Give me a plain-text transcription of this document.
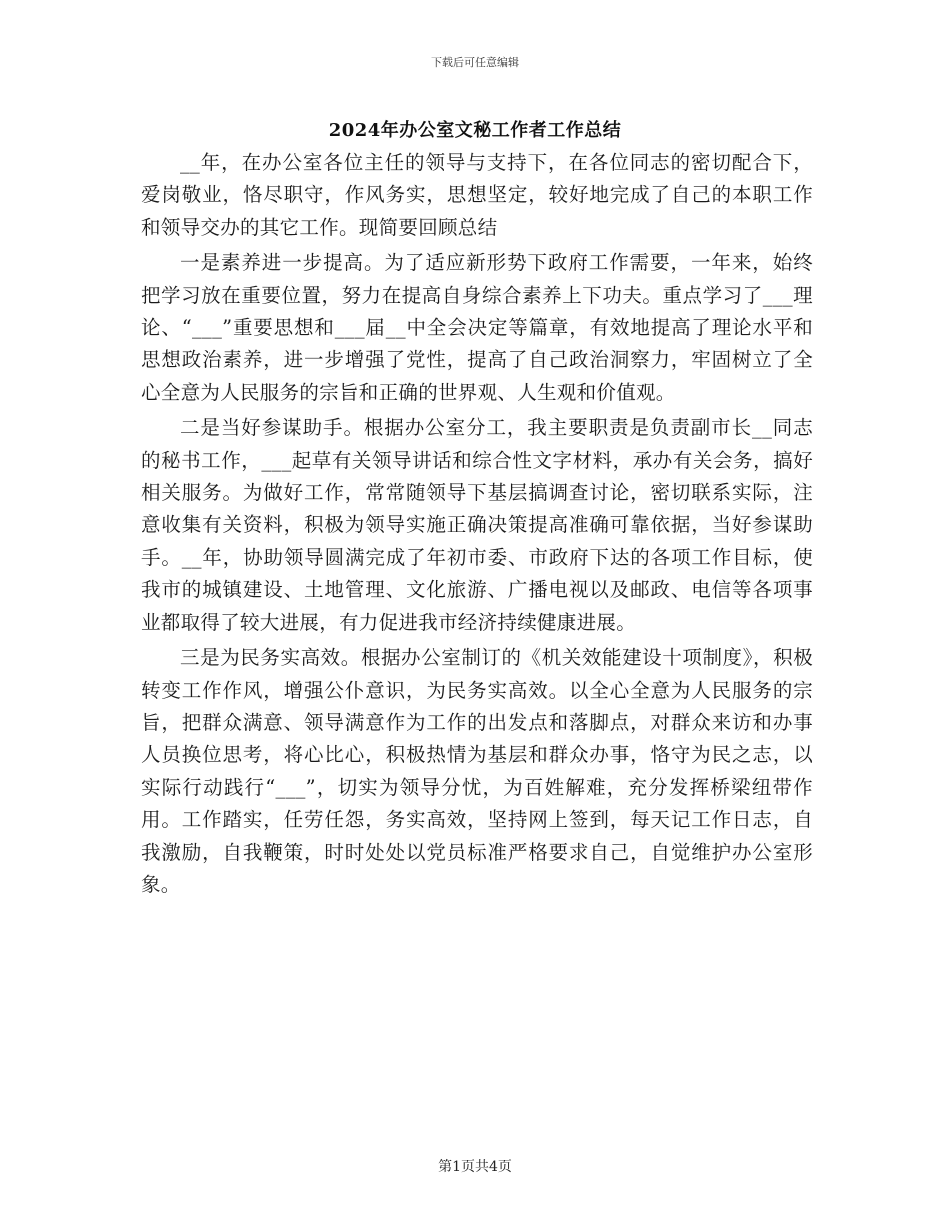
下载后可任意编辑
2024年办公室文秘工作者工作总结

__年，在办公室各位主任的领导与支持下，在各位同志的密切配合下，爱岗敬业，恪尽职守，作风务实，思想坚定，较好地完成了自己的本职工作和领导交办的其它工作。现简要回顾总结

一是素养进一步提高。为了适应新形势下政府工作需要，一年来，始终把学习放在重要位置，努力在提高自身综合素养上下功夫。重点学习了___理论、“___”重要思想和___届__中全会决定等篇章，有效地提高了理论水平和思想政治素养，进一步增强了党性，提高了自己政治洞察力，牢固树立了全心全意为人民服务的宗旨和正确的世界观、人生观和价值观。

二是当好参谋助手。根据办公室分工，我主要职责是负责副市长__同志的秘书工作，___起草有关领导讲话和综合性文字材料，承办有关会务，搞好相关服务。为做好工作，常常随领导下基层搞调查讨论，密切联系实际，注意收集有关资料，积极为领导实施正确决策提高准确可靠依据，当好参谋助手。__年，协助领导圆满完成了年初市委、市政府下达的各项工作目标，使我市的城镇建设、土地管理、文化旅游、广播电视以及邮政、电信等各项事业都取得了较大进展，有力促进我市经济持续健康进展。

三是为民务实高效。根据办公室制订的《机关效能建设十项制度》，积极转变工作作风，增强公仆意识，为民务实高效。以全心全意为人民服务的宗旨，把群众满意、领导满意作为工作的出发点和落脚点，对群众来访和办事人员换位思考，将心比心，积极热情为基层和群众办事，恪守为民之志，以实际行动践行“___”，切实为领导分忧，为百姓解难，充分发挥桥梁纽带作用。工作踏实，任劳任怨，务实高效，坚持网上签到，每天记工作日志，自我激励，自我鞭策，时时处处以党员标准严格要求自己，自觉维护办公室形象。

第1页共4页
